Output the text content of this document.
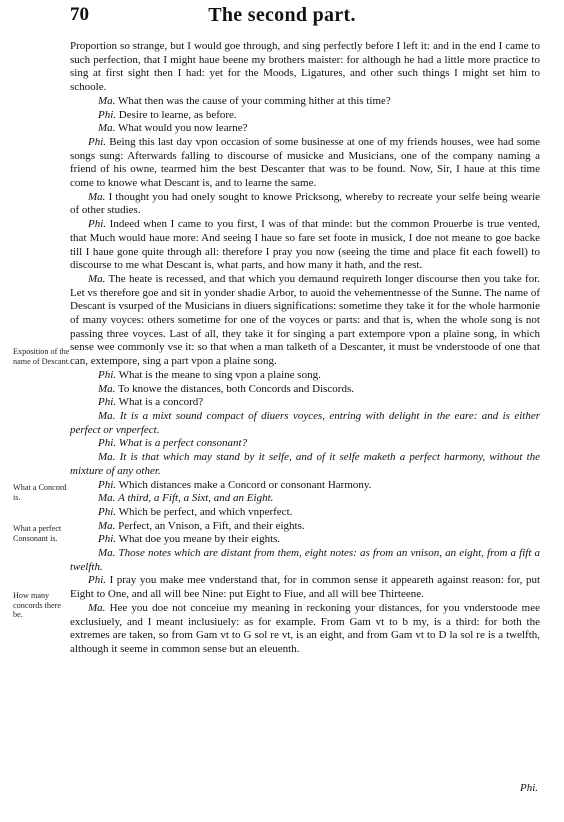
70	The second part.

Proportion so strange, but I would goe through, and sing perfectly before I left it: and in the end I came to such perfection, that I might haue beene my brothers maister: for although he had a little more practice to sing at first sight then I had: yet for the Moods, Ligatures, and other such things I might set him to schoole.

Ma. What then was the cause of your comming hither at this time?

Phi. Desire to learne, as before.

Ma. What would you now learne?

Phi. Being this last day vpon occasion of some businesse at one of my friends houses, wee had some songs sung: Afterwards falling to discourse of musicke and Musicians, one of the company naming a friend of his owne, tearmed him the best Descanter that was to be found. Now, Sir, I haue at this time come to knowe what Descant is, and to learne the same.

Ma. I thought you had onely sought to knowe Pricksong, whereby to recreate your selfe being wearie of other studies.

Phi. Indeed when I came to you first, I was of that minde: but the common Prouerbe is true vented, that Much would haue more: And seeing I haue so fare set foote in musick, I doe not meane to goe backe till I haue gone quite through all: therefore I pray you now (seeing the time and place fit each fowell) to discourse to me what Descant is, what parts, and how many it hath, and the rest.

Ma. The heate is recessed, and that which you demaund requireth longer discourse then you take for. Let vs therefore goe and sit in yonder shadie Arbor, to auoid the vehementnesse of the Sunne. The name of Descant is vsurped of the Musicians in diuers significations: sometime they take it for the whole harmonie of many voyces: others sometime for one of the voyces or parts: and that is, when the whole song is not passing three voyces. Last of all, they take it for singing a part extempore vpon a plaine song, in which sense wee commonly vse it: so that when a man talketh of a Descanter, it must be vnderstoode of one that can, extempore, sing a part vpon a plaine song.

Phi. What is the meane to sing vpon a plaine song.

Ma. To knowe the distances, both Concords and Discords.

Phi. What is a concord?

Ma. It is a mixt sound compact of diuers voyces, entring with delight in the eare: and is either perfect or vnperfect.

Phi. What is a perfect consonant?

Ma. It is that which may stand by it selfe, and of it selfe maketh a perfect harmony, without the mixture of any other.

Phi. Which distances make a Concord or consonant Harmony.

Ma. A third, a Fift, a Sixt, and an Eight.

Phi. Which be perfect, and which vnperfect.

Ma. Perfect, an Vnison, a Fift, and their eights.

Phi. What doe you meane by their eights.

Ma. Those notes which are distant from them, eight notes: as from an vnison, an eight, from a fift a twelfth.

Phi. I pray you make mee vnderstand that, for in common sense it appeareth against reason: for, put Eight to One, and all will bee Nine: put Eight to Fiue, and all will bee Thirteene.

Ma. Hee you doe not conceiue my meaning in reckoning your distances, for you vnderstoode mee exclusiuely, and I meant inclusiuely: as for example. From Gam vt to b my, is a third: for both the extremes are taken, so from Gam vt to G sol re vt, is an eight, and from Gam vt to D la sol re is a twelfth, although it seeme in common sense but an eleuenth.

Exposition of the name of Descant.
What a Concord is.
What a perfect Consonant is.
How many concords there be.
Phi.
